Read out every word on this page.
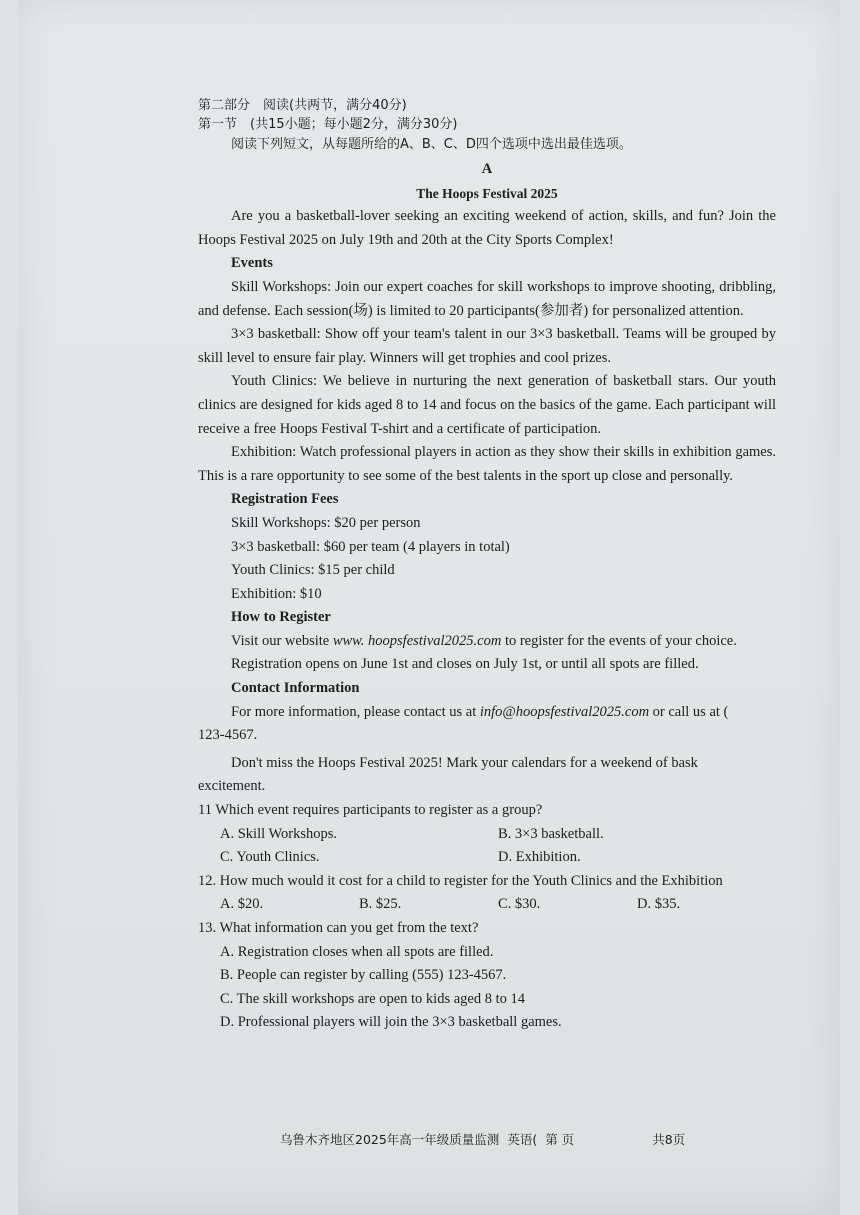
第二部分　阅读(共两节，满分40分)

第一节　(共15小题；每小题2分，满分30分)

阅读下列短文，从每题所给的A、B、C、D四个选项中选出最佳选项。

A

The Hoops Festival 2025

Are you a basketball-lover seeking an exciting weekend of action, skills, and fun? Join the Hoops Festival 2025 on July 19th and 20th at the City Sports Complex!

Events

Skill Workshops: Join our expert coaches for skill workshops to improve shooting, dribbling, and defense. Each session(场) is limited to 20 participants(参加者) for personalized attention.

3×3 basketball: Show off your team's talent in our 3×3 basketball. Teams will be grouped by skill level to ensure fair play. Winners will get trophies and cool prizes.

Youth Clinics: We believe in nurturing the next generation of basketball stars. Our youth clinics are designed for kids aged 8 to 14 and focus on the basics of the game. Each participant will receive a free Hoops Festival T-shirt and a certificate of participation.

Exhibition: Watch professional players in action as they show their skills in exhibition games. This is a rare opportunity to see some of the best talents in the sport up close and personally.

Registration Fees

Skill Workshops: $20 per person

3×3 basketball: $60 per team (4 players in total)

Youth Clinics: $15 per child

Exhibition: $10

How to Register

Visit our website www. hoopsfestival2025.com to register for the events of your choice.

Registration opens on June 1st and closes on July 1st, or until all spots are filled.

Contact Information

For more information, please contact us at info@hoopsfestival2025.com or call us at (

123-4567.

Don't miss the Hoops Festival 2025! Mark your calendars for a weekend of bask

excitement.

11 Which event requires participants to register as a group?

A. Skill Workshops.	B. 3×3 basketball.
C. Youth Clinics.	D. Exhibition.

12. How much would it cost for a child to register for the Youth Clinics and the Exhibition

A. $20.	B. $25.	C. $30.	D. $35.

13. What information can you get from the text?

A. Registration closes when all spots are filled.

B. People can register by calling (555) 123-4567.

C. The skill workshops are open to kids aged 8 to 14

D. Professional players will join the 3×3 basketball games.

乌鲁木齐地区2025年高一年级质量监测 英语( 第 页	共8页
